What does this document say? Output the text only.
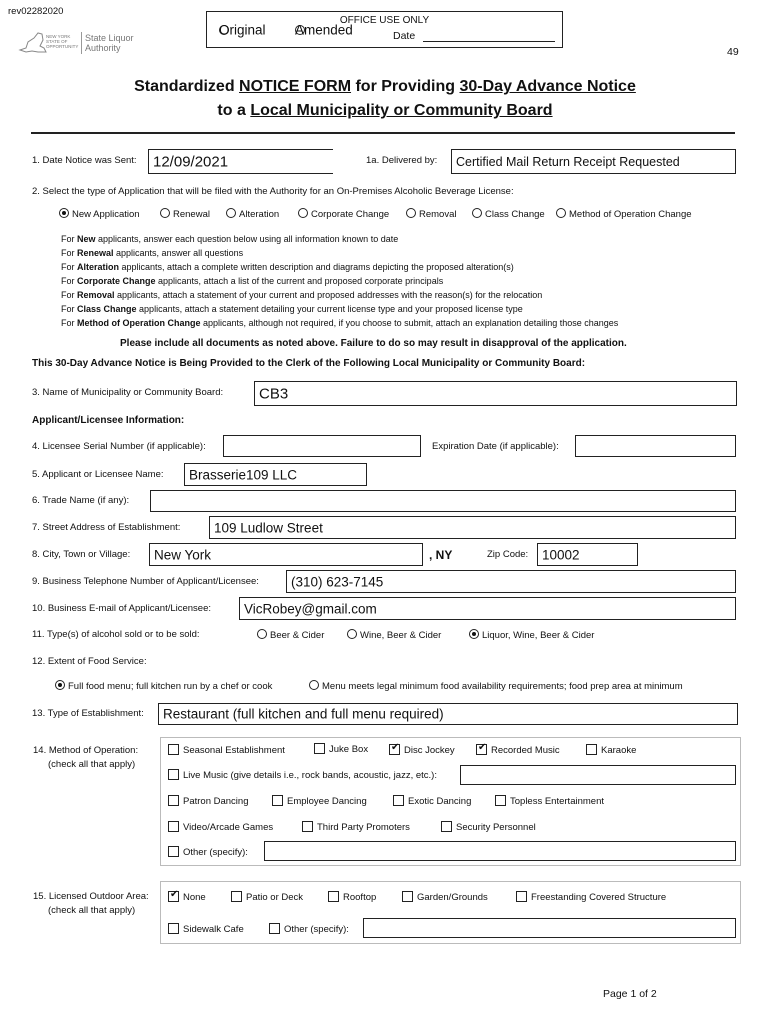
rev02282020
NEW YORK STATE OF OPPORTUNITY
State Liquor
Authority
OFFICE USE ONLY
Original Amended	Date
49
Standardized NOTICE FORM for Providing 30-Day Advance Notice
to a Local Municipality or Community Board
1. Date Notice was Sent: 12/09/2021	1a. Delivered by: Certified Mail Return Receipt Requested
2. Select the type of Application that will be filed with the Authority for an On-Premises Alcoholic Beverage License:
New Application	Renewal	Alteration	Corporate Change	Removal	Class Change	Method of Operation Change
For New applicants, answer each question below using all information known to date
For Renewal applicants, answer all questions
For Alteration applicants, attach a complete written description and diagrams depicting the proposed alteration(s)
For Corporate Change applicants, attach a list of the current and proposed corporate principals
For Removal applicants, attach a statement of your current and proposed addresses with the reason(s) for the relocation
For Class Change applicants, attach a statement detailing your current license type and your proposed license type
For Method of Operation Change applicants, although not required, if you choose to submit, attach an explanation detailing those changes
Please include all documents as noted above. Failure to do so may result in disapproval of the application.
This 30-Day Advance Notice is Being Provided to the Clerk of the Following Local Municipality or Community Board:
3. Name of Municipality or Community Board: CB3
Applicant/Licensee Information:
4. Licensee Serial Number (if applicable):	Expiration Date (if applicable):
5. Applicant or Licensee Name: Brasserie109 LLC
6. Trade Name (if any):
7. Street Address of Establishment: 109 Ludlow Street
8. City, Town or Village: New York	, NY	Zip Code: 10002
9. Business Telephone Number of Applicant/Licensee: (310) 623-7145
10. Business E-mail of Applicant/Licensee: VicRobey@gmail.com
11. Type(s) of alcohol sold or to be sold:	Beer & Cider	Wine, Beer & Cider	Liquor, Wine, Beer & Cider
12. Extent of Food Service:
Full food menu; full kitchen run by a chef or cook	Menu meets legal minimum food availability requirements; food prep area at minimum
13. Type of Establishment: Restaurant (full kitchen and full menu required)
14. Method of Operation:
(check all that apply)
Seasonal Establishment	Juke Box ✔	Disc Jockey ✔	Recorded Music	Karaoke
Live Music (give details i.e., rock bands, acoustic, jazz, etc.):
Patron Dancing	Employee Dancing	Exotic Dancing	Topless Entertainment
Video/Arcade Games	Third Party Promoters	Security Personnel
Other (specify):
15. Licensed Outdoor Area:
(check all that apply)
✔None	Patio or Deck	Rooftop	Garden/Grounds	Freestanding Covered Structure
Sidewalk Cafe	Other (specify):
Page 1 of 2
